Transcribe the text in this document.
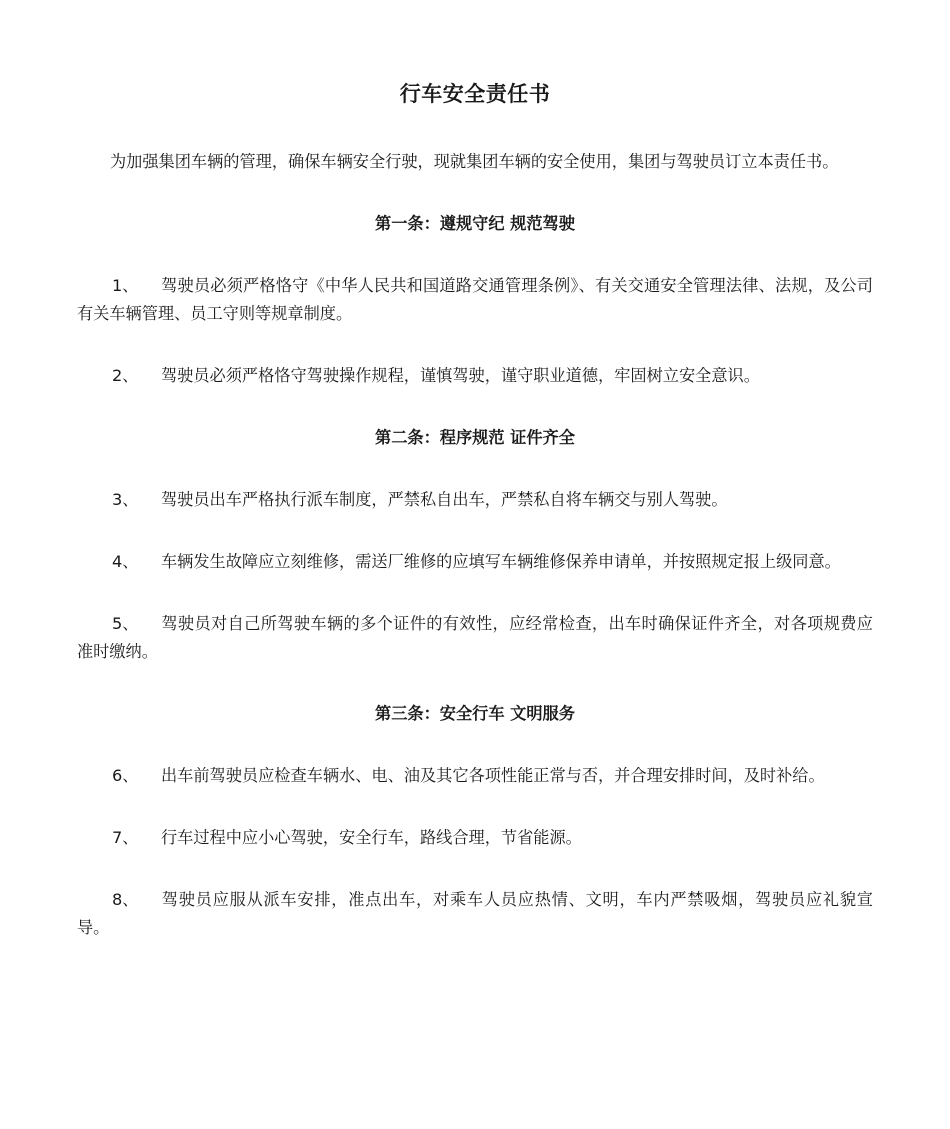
行车安全责任书

为加强集团车辆的管理，确保车辆安全行驶，现就集团车辆的安全使用，集团与驾驶员订立本责任书。

第一条：遵规守纪 规范驾驶

1、 驾驶员必须严格恪守《中华人民共和国道路交通管理条例》、有关交通安全管理法律、法规，及公司有关车辆管理、员工守则等规章制度。

2、 驾驶员必须严格恪守驾驶操作规程，谨慎驾驶，谨守职业道德，牢固树立安全意识。

第二条：程序规范 证件齐全

3、 驾驶员出车严格执行派车制度，严禁私自出车，严禁私自将车辆交与别人驾驶。

4、 车辆发生故障应立刻维修，需送厂维修的应填写车辆维修保养申请单，并按照规定报上级同意。

5、 驾驶员对自己所驾驶车辆的多个证件的有效性，应经常检查，出车时确保证件齐全，对各项规费应准时缴纳。

第三条：安全行车 文明服务

6、 出车前驾驶员应检查车辆水、电、油及其它各项性能正常与否，并合理安排时间，及时补给。

7、 行车过程中应小心驾驶，安全行车，路线合理，节省能源。

8、 驾驶员应服从派车安排，准点出车，对乘车人员应热情、文明，车内严禁吸烟，驾驶员应礼貌宣导。
